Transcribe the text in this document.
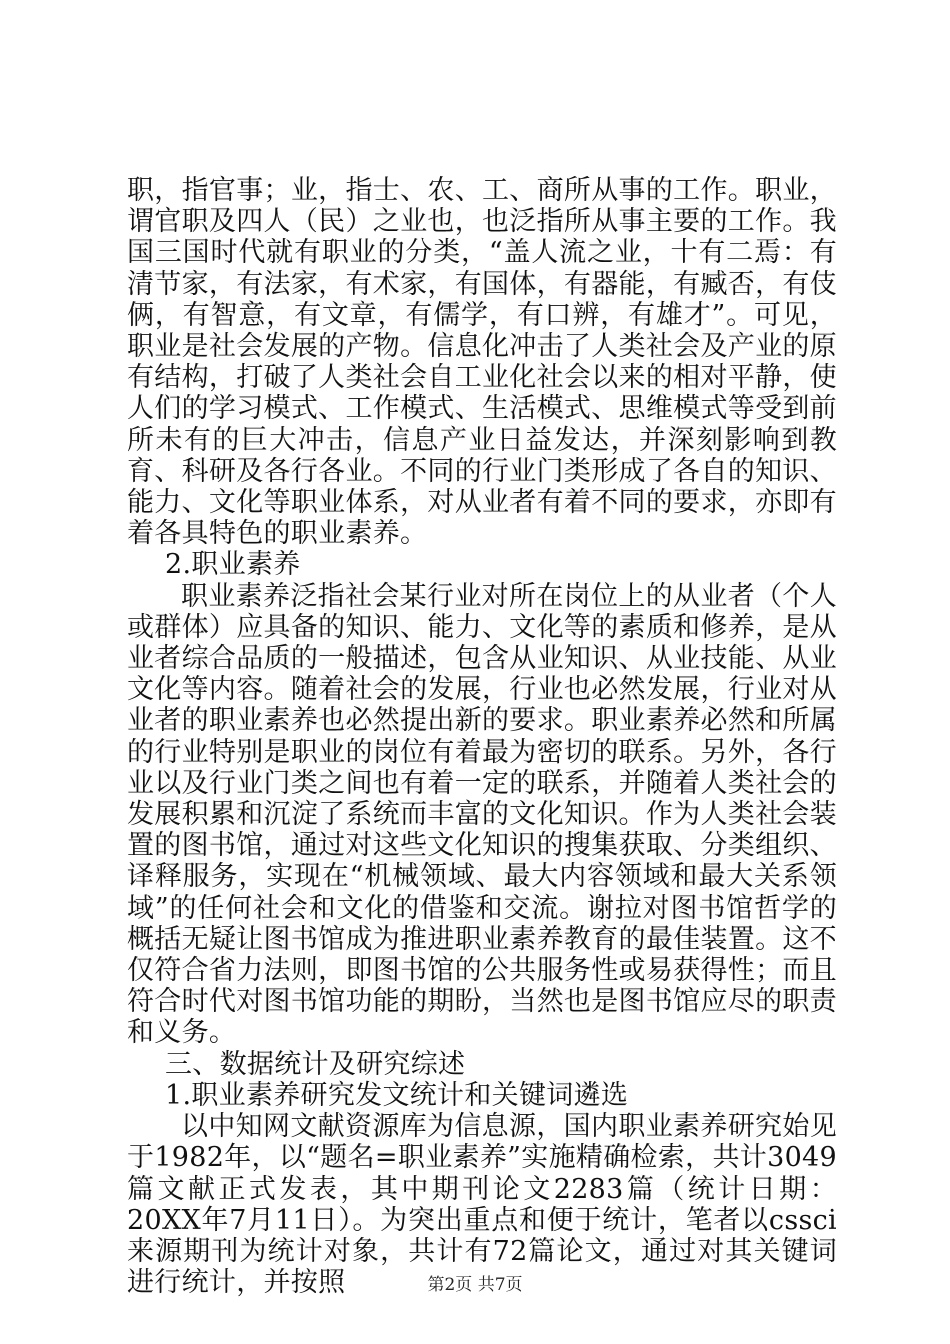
职，指官事；业，指士、农、工、商所从事的工作。职业，谓官职及四人（民）之业也，也泛指所从事主要的工作。我国三国时代就有职业的分类，“盖人流之业，十有二焉：有清节家，有法家，有术家，有国体，有器能，有臧否，有伎俩，有智意，有文章，有儒学，有口辨，有雄才”。可见，职业是社会发展的产物。信息化冲击了人类社会及产业的原有结构，打破了人类社会自工业化社会以来的相对平静，使人们的学习模式、工作模式、生活模式、思维模式等受到前所未有的巨大冲击，信息产业日益发达，并深刻影响到教育、科研及各行各业。不同的行业门类形成了各自的知识、能力、文化等职业体系，对从业者有着不同的要求，亦即有着各具特色的职业素养。

2.职业素养

职业素养泛指社会某行业对所在岗位上的从业者（个人或群体）应具备的知识、能力、文化等的素质和修养，是从业者综合品质的一般描述，包含从业知识、从业技能、从业文化等内容。随着社会的发展，行业也必然发展，行业对从业者的职业素养也必然提出新的要求。职业素养必然和所属的行业特别是职业的岗位有着最为密切的联系。另外，各行业以及行业门类之间也有着一定的联系，并随着人类社会的发展积累和沉淀了系统而丰富的文化知识。作为人类社会装置的图书馆，通过对这些文化知识的搜集获取、分类组织、译释服务，实现在“机械领域、最大内容领域和最大关系领域”的任何社会和文化的借鉴和交流。谢拉对图书馆哲学的概括无疑让图书馆成为推进职业素养教育的最佳装置。这不仅符合省力法则，即图书馆的公共服务性或易获得性；而且符合时代对图书馆功能的期盼，当然也是图书馆应尽的职责和义务。

三、数据统计及研究综述

1.职业素养研究发文统计和关键词遴选

以中知网文献资源库为信息源，国内职业素养研究始见于1982年，以“题名=职业素养”实施精确检索，共计3049篇文献正式发表，其中期刊论文2283篇（统计日期：20XX年7月11日）。为突出重点和便于统计，笔者以cssci来源期刊为统计对象，共计有72篇论文，通过对其关键词进行统计，并按照	第2页 共7页
